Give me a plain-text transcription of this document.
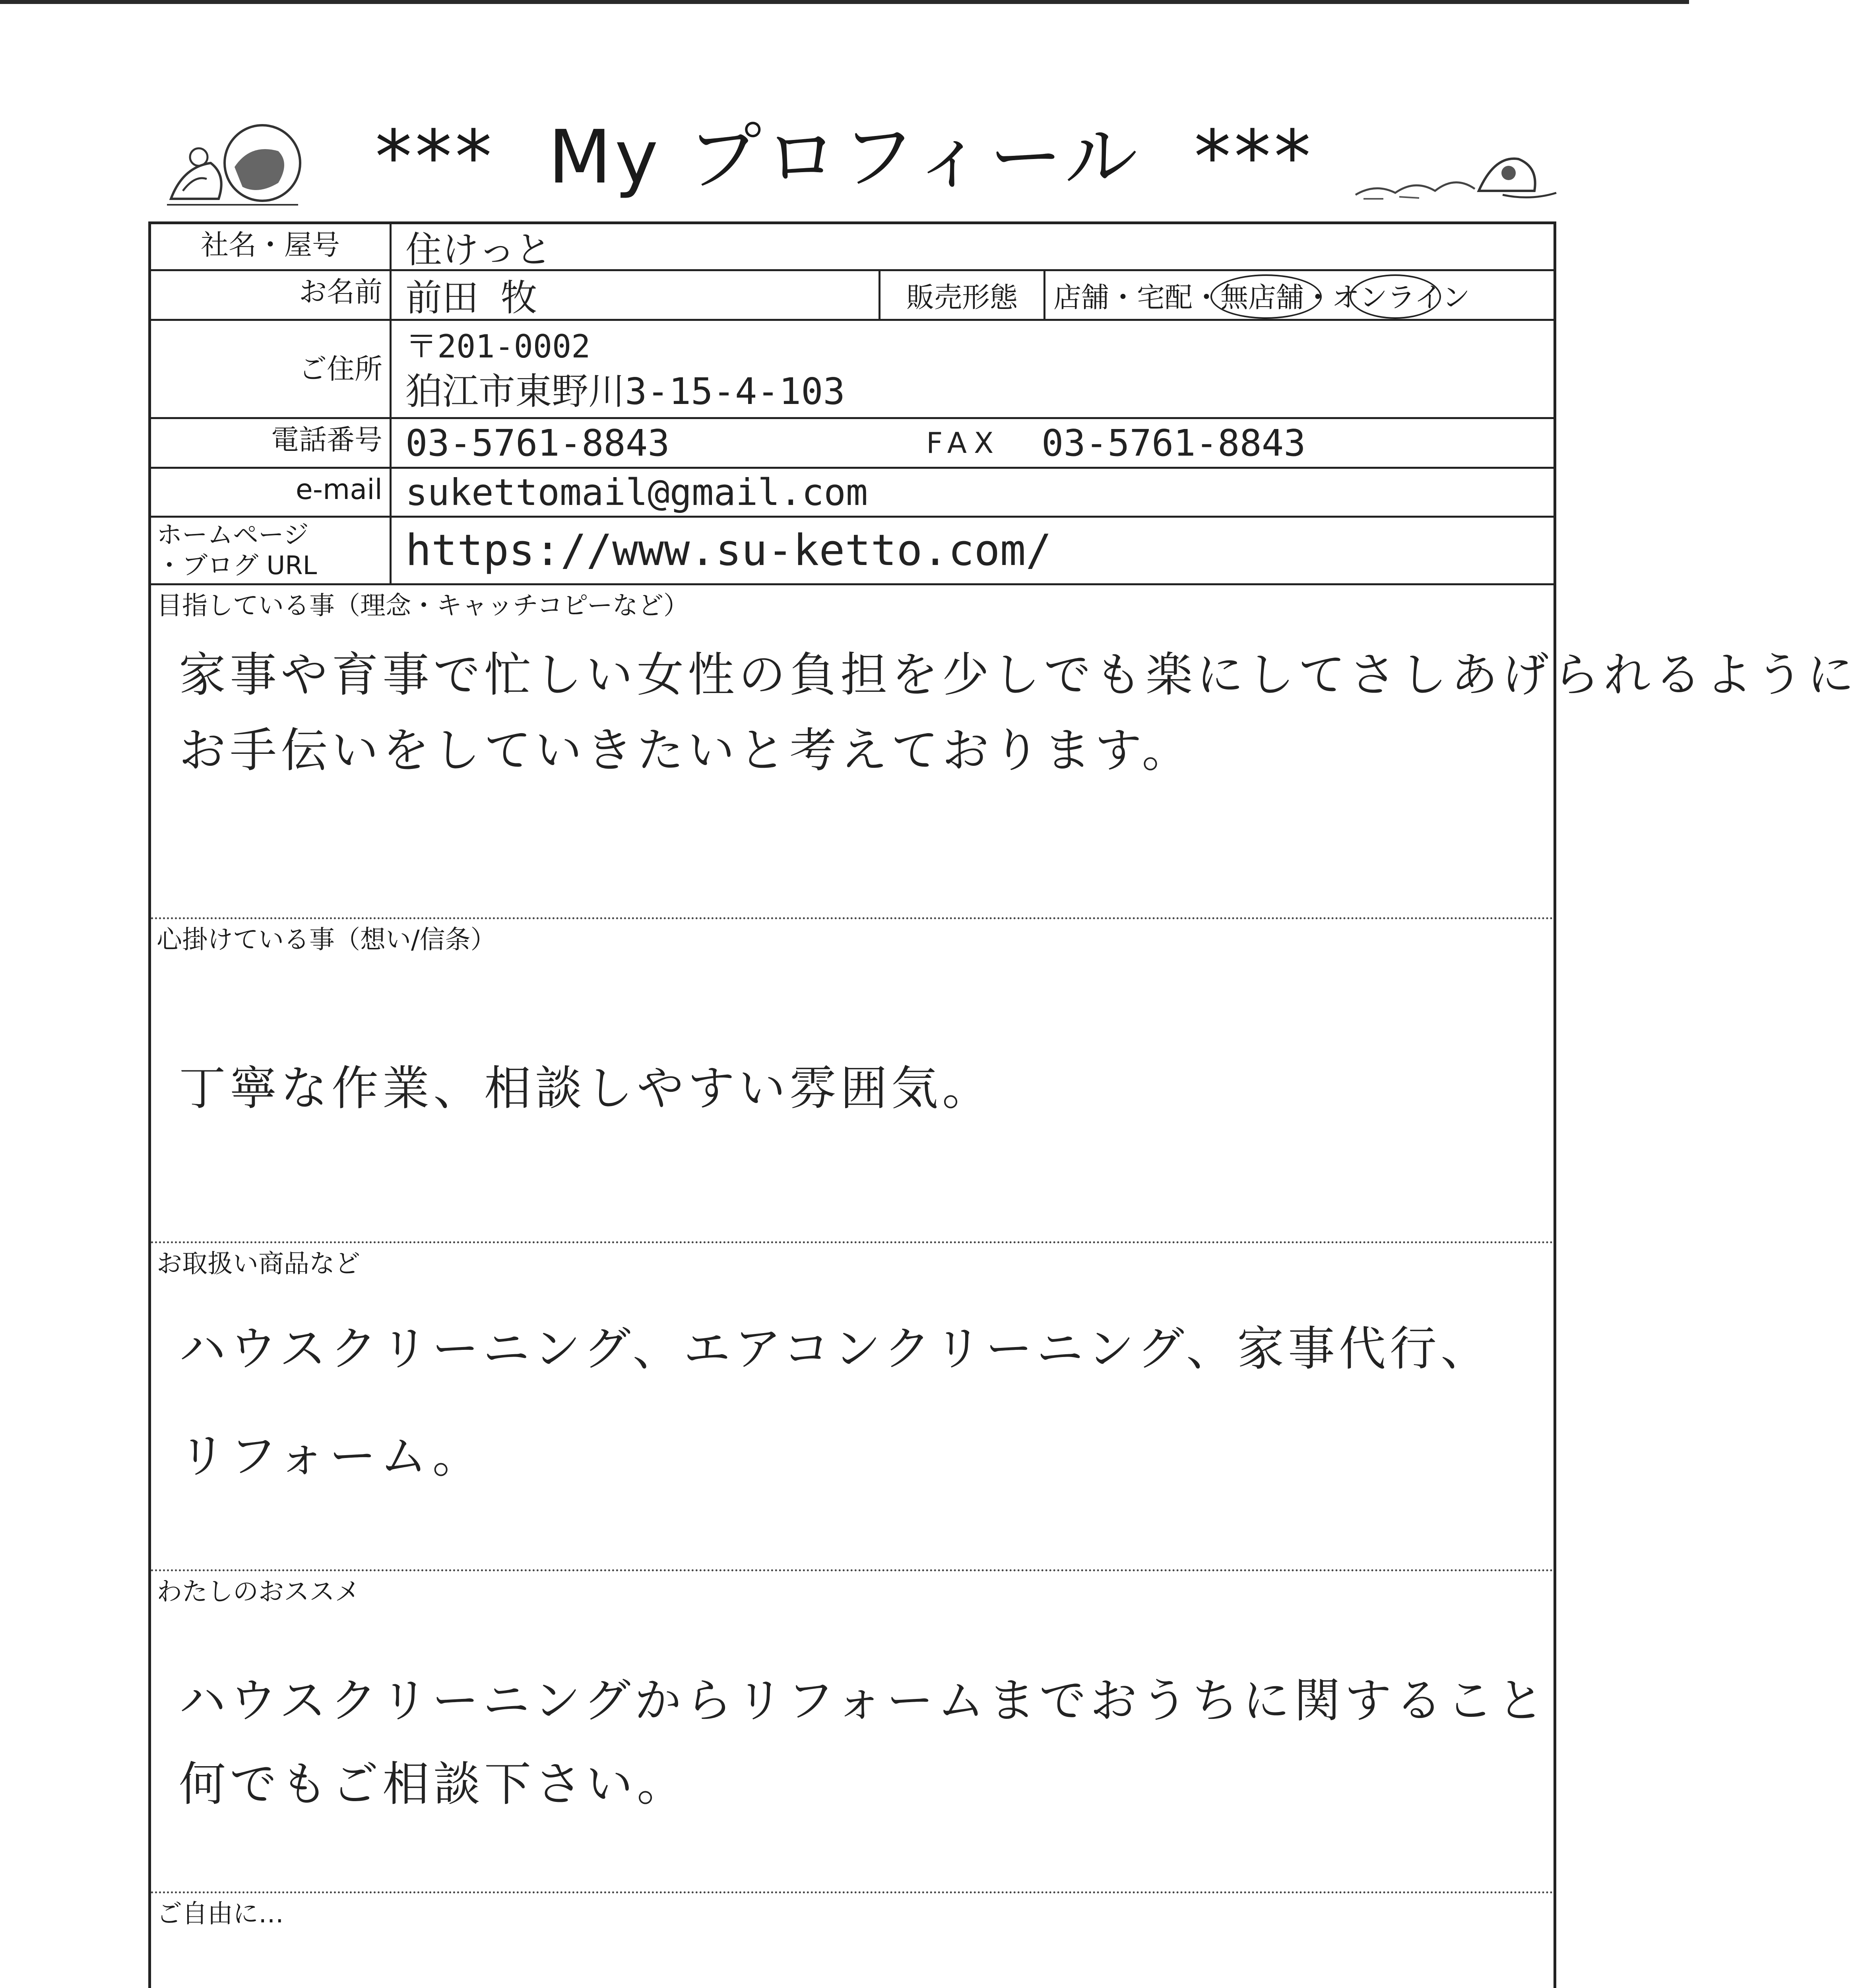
***  My プロフィール  ***
社名・屋号	住けっと
お名前 前田 牧	販売形態	店舗 ・ 宅配 ・ 無店舗 ・ オンライン
ご住所
〒201-0002
狛江市東野川3-15-4-103
電話番号 03-5761-8843	FAX 03-5761-8843
e-mail sukettomail@gmail.com
ホームページ
・ブログ URL https://www.su-ketto.com/
目指している事（理念・キャッチコピーなど）
家事や育事で忙しい女性の負担を少しでも楽にしてさしあげられるように
お手伝いをしていきたいと考えております。
心掛けている事（想い/信条）
丁寧な作業、相談しやすい雰囲気。
お取扱い商品など
ハウスクリーニング、エアコンクリーニング、家事代行、
リフォーム。
わたしのおススメ
ハウスクリーニングからリフォームまでおうちに関すること
何でもご相談下さい。
ご自由に…
